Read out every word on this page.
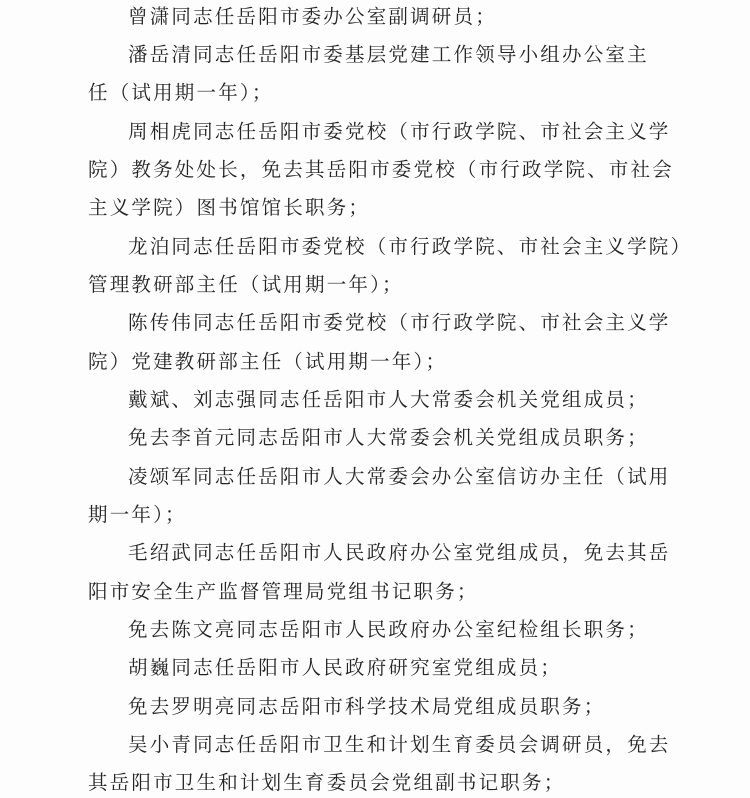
曾潇同志任岳阳市委办公室副调研员；
潘岳清同志任岳阳市委基层党建工作领导小组办公室主
任（试用期一年）；
周相虎同志任岳阳市委党校（市行政学院、市社会主义学
院）教务处处长，免去其岳阳市委党校（市行政学院、市社会
主义学院）图书馆馆长职务；
龙泊同志任岳阳市委党校（市行政学院、市社会主义学院）
管理教研部主任（试用期一年）；
陈传伟同志任岳阳市委党校（市行政学院、市社会主义学
院）党建教研部主任（试用期一年）；
戴斌、刘志强同志任岳阳市人大常委会机关党组成员；
免去李首元同志岳阳市人大常委会机关党组成员职务；
凌颂军同志任岳阳市人大常委会办公室信访办主任（试用
期一年）；
毛绍武同志任岳阳市人民政府办公室党组成员，免去其岳
阳市安全生产监督管理局党组书记职务；
免去陈文亮同志岳阳市人民政府办公室纪检组长职务；
胡巍同志任岳阳市人民政府研究室党组成员；
免去罗明亮同志岳阳市科学技术局党组成员职务；
吴小青同志任岳阳市卫生和计划生育委员会调研员，免去
其岳阳市卫生和计划生育委员会党组副书记职务；
